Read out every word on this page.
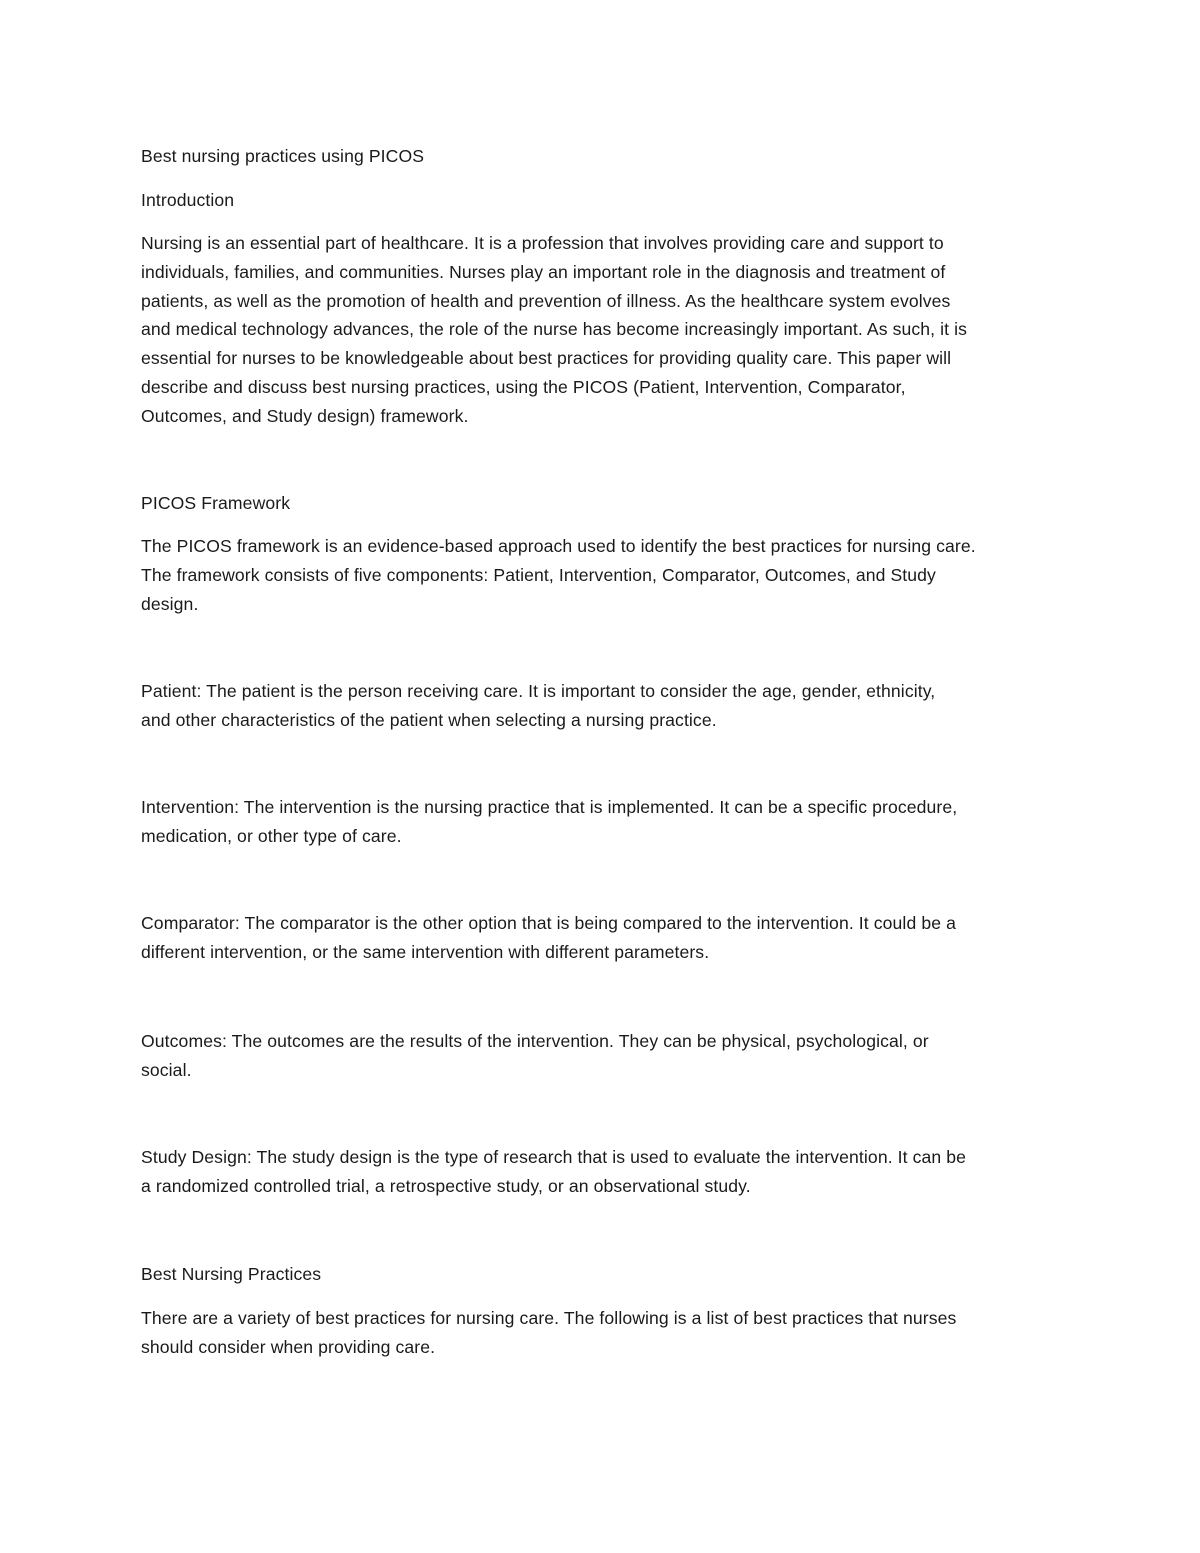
Best nursing practices using PICOS

Introduction

Nursing is an essential part of healthcare. It is a profession that involves providing care and support to
individuals, families, and communities. Nurses play an important role in the diagnosis and treatment of
patients, as well as the promotion of health and prevention of illness. As the healthcare system evolves
and medical technology advances, the role of the nurse has become increasingly important. As such, it is
essential for nurses to be knowledgeable about best practices for providing quality care. This paper will
describe and discuss best nursing practices, using the PICOS (Patient, Intervention, Comparator,
Outcomes, and Study design) framework.

PICOS Framework

The PICOS framework is an evidence-based approach used to identify the best practices for nursing care.
The framework consists of five components: Patient, Intervention, Comparator, Outcomes, and Study
design.

Patient: The patient is the person receiving care. It is important to consider the age, gender, ethnicity,
and other characteristics of the patient when selecting a nursing practice.

Intervention: The intervention is the nursing practice that is implemented. It can be a specific procedure,
medication, or other type of care.

Comparator: The comparator is the other option that is being compared to the intervention. It could be a
different intervention, or the same intervention with different parameters.

Outcomes: The outcomes are the results of the intervention. They can be physical, psychological, or
social.

Study Design: The study design is the type of research that is used to evaluate the intervention. It can be
a randomized controlled trial, a retrospective study, or an observational study.

Best Nursing Practices

There are a variety of best practices for nursing care. The following is a list of best practices that nurses
should consider when providing care.
